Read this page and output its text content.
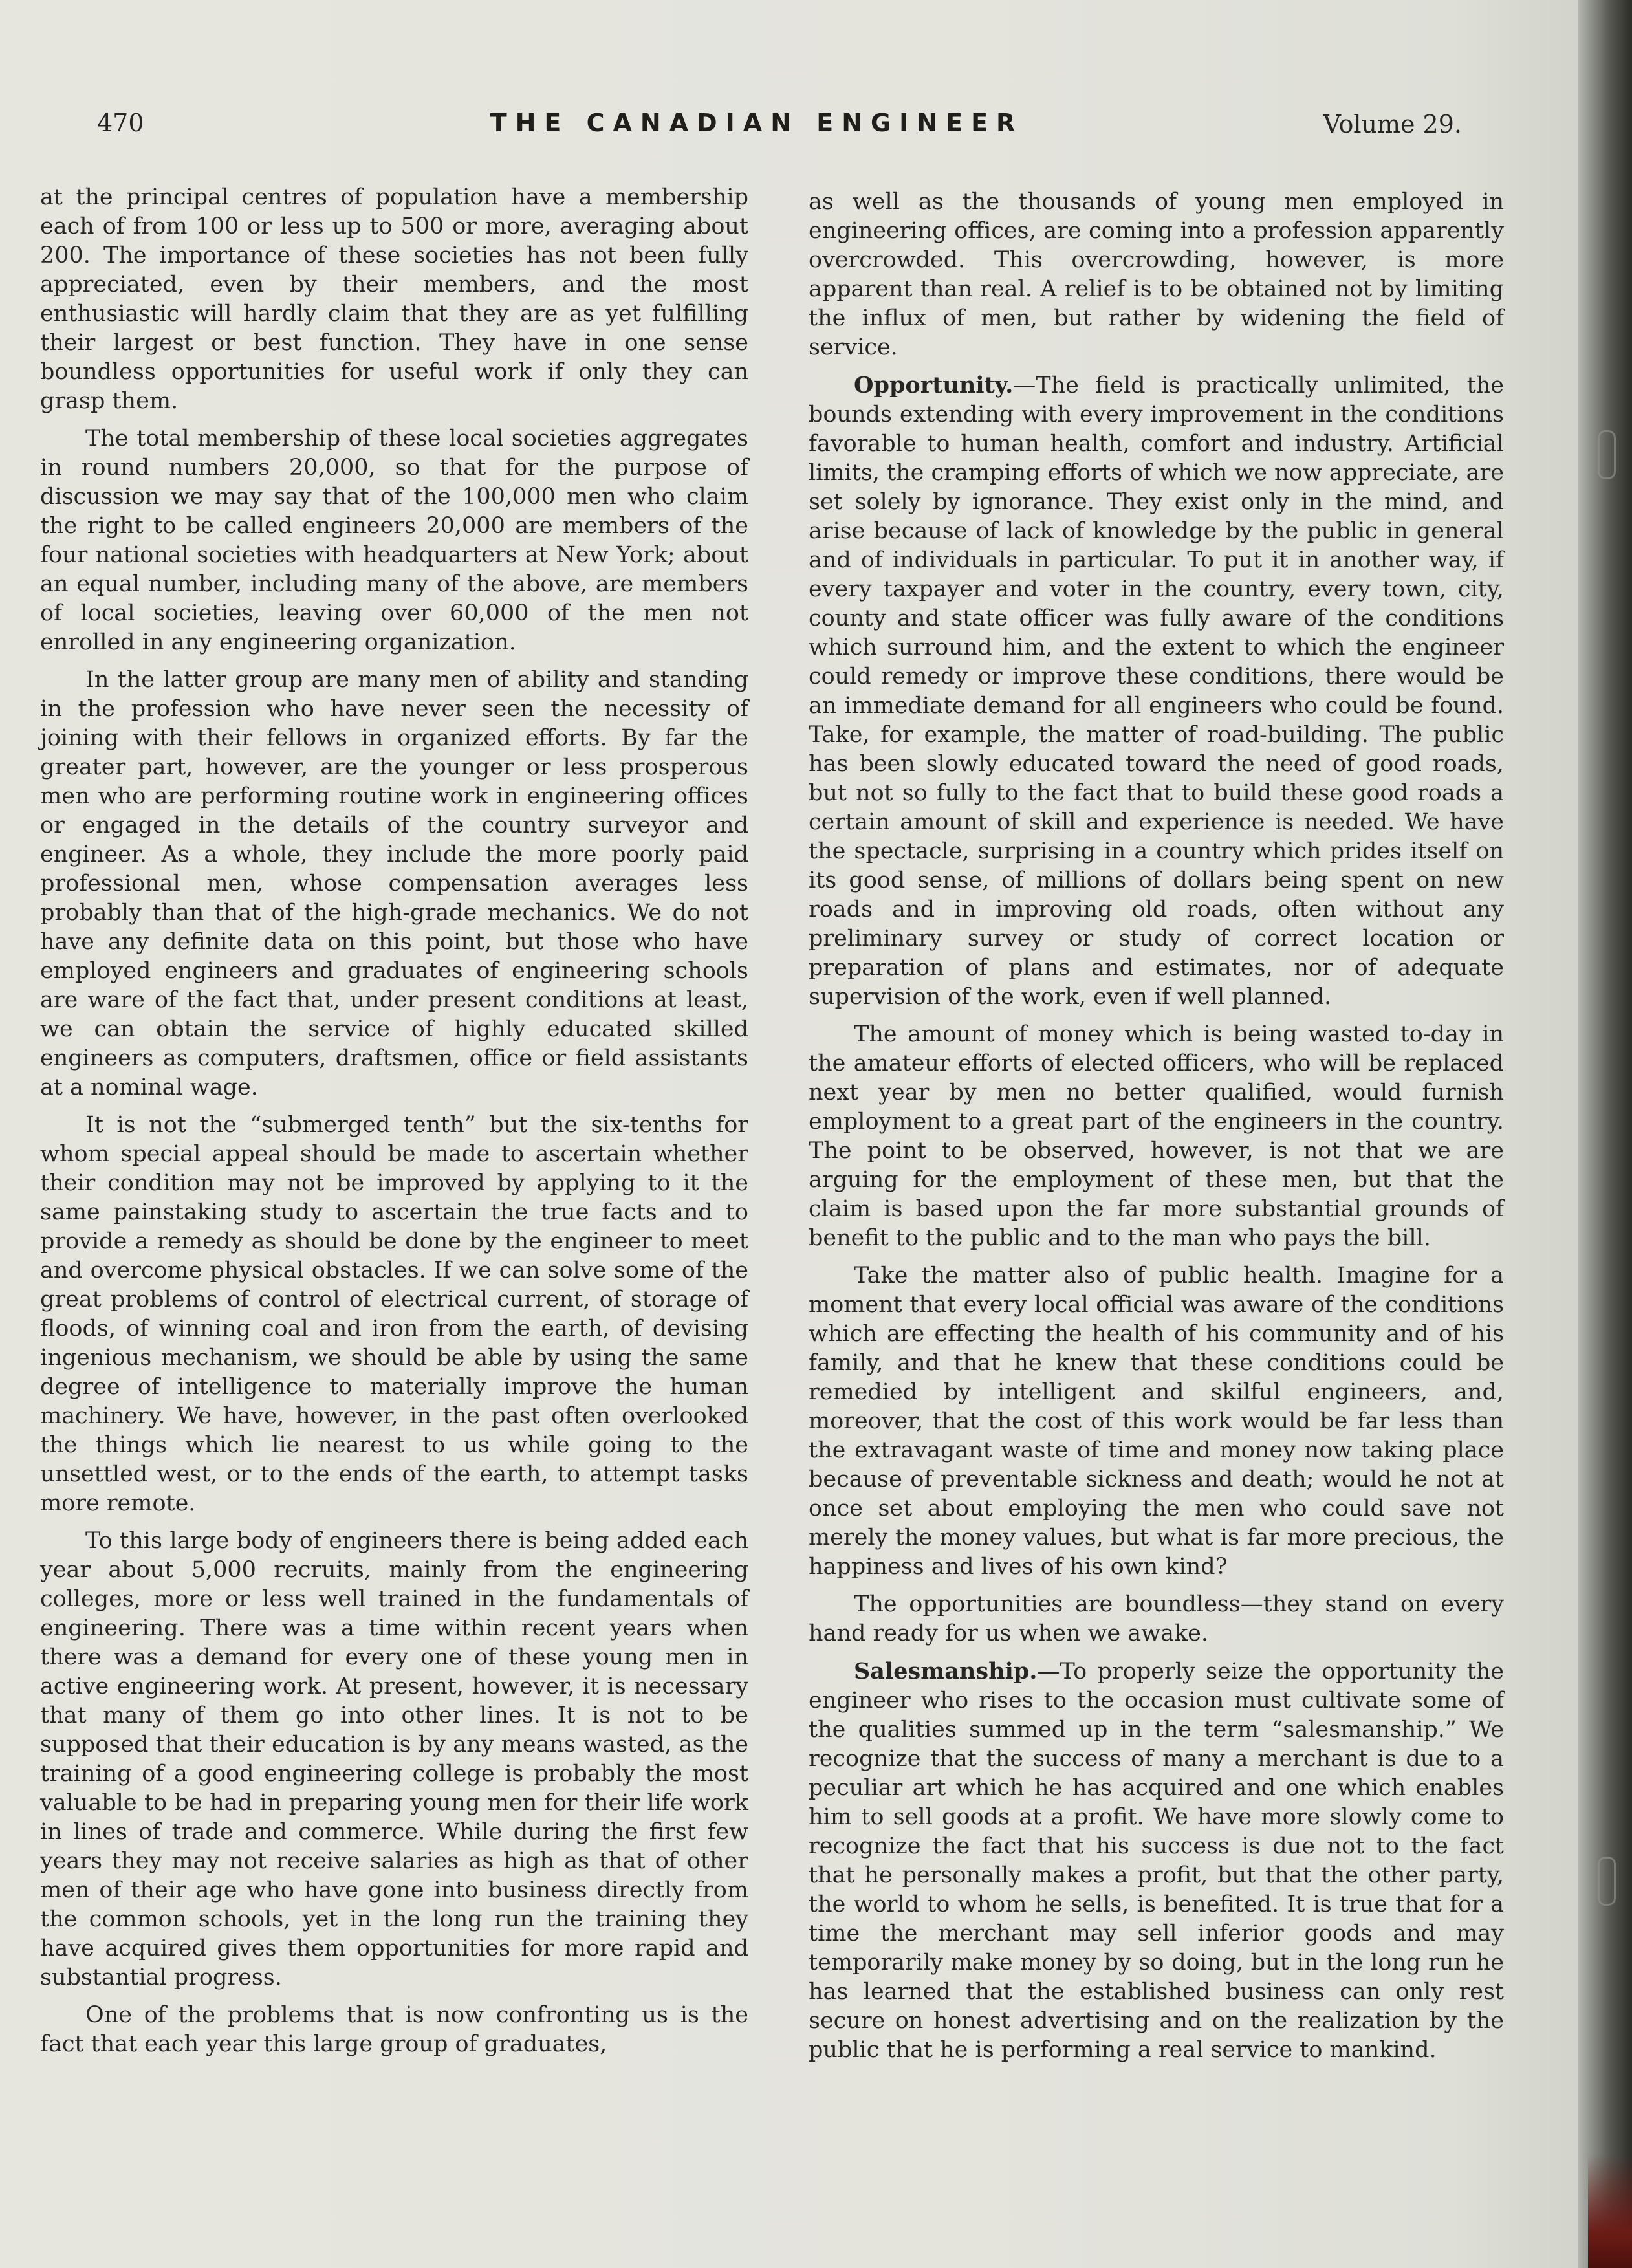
470	THE CANADIAN ENGINEER	Volume 29.

at the principal centres of population have a membership each of from 100 or less up to 500 or more, averaging about 200. The importance of these societies has not been fully appreciated, even by their members, and the most enthusiastic will hardly claim that they are as yet fulfilling their largest or best function. They have in one sense boundless opportunities for useful work if only they can grasp them.

The total membership of these local societies aggregates in round numbers 20,000, so that for the purpose of discussion we may say that of the 100,000 men who claim the right to be called engineers 20,000 are members of the four national societies with headquarters at New York; about an equal number, including many of the above, are members of local societies, leaving over 60,000 of the men not enrolled in any engineering organization.

In the latter group are many men of ability and standing in the profession who have never seen the necessity of joining with their fellows in organized efforts. By far the greater part, however, are the younger or less prosperous men who are performing routine work in engineering offices or engaged in the details of the country surveyor and engineer. As a whole, they include the more poorly paid professional men, whose compensation averages less probably than that of the high-grade mechanics. We do not have any definite data on this point, but those who have employed engineers and graduates of engineering schools are ware of the fact that, under present conditions at least, we can obtain the service of highly educated skilled engineers as computers, draftsmen, office or field assistants at a nominal wage.

It is not the “submerged tenth” but the six-tenths for whom special appeal should be made to ascertain whether their condition may not be improved by applying to it the same painstaking study to ascertain the true facts and to provide a remedy as should be done by the engineer to meet and overcome physical obstacles. If we can solve some of the great problems of control of electrical current, of storage of floods, of winning coal and iron from the earth, of devising ingenious mechanism, we should be able by using the same degree of intelligence to materially improve the human machinery. We have, however, in the past often overlooked the things which lie nearest to us while going to the unsettled west, or to the ends of the earth, to attempt tasks more remote.

To this large body of engineers there is being added each year about 5,000 recruits, mainly from the engineering colleges, more or less well trained in the fundamentals of engineering. There was a time within recent years when there was a demand for every one of these young men in active engineering work. At present, however, it is necessary that many of them go into other lines. It is not to be supposed that their education is by any means wasted, as the training of a good engineering college is probably the most valuable to be had in preparing young men for their life work in lines of trade and commerce. While during the first few years they may not receive salaries as high as that of other men of their age who have gone into business directly from the common schools, yet in the long run the training they have acquired gives them opportunities for more rapid and substantial progress.

One of the problems that is now confronting us is the fact that each year this large group of graduates,

as well as the thousands of young men employed in engineering offices, are coming into a profession apparently overcrowded. This overcrowding, however, is more apparent than real. A relief is to be obtained not by limiting the influx of men, but rather by widening the field of service.

Opportunity.—The field is practically unlimited, the bounds extending with every improvement in the conditions favorable to human health, comfort and industry. Artificial limits, the cramping efforts of which we now appreciate, are set solely by ignorance. They exist only in the mind, and arise because of lack of knowledge by the public in general and of individuals in particular. To put it in another way, if every taxpayer and voter in the country, every town, city, county and state officer was fully aware of the conditions which surround him, and the extent to which the engineer could remedy or improve these conditions, there would be an immediate demand for all engineers who could be found. Take, for example, the matter of road-building. The public has been slowly educated toward the need of good roads, but not so fully to the fact that to build these good roads a certain amount of skill and experience is needed. We have the spectacle, surprising in a country which prides itself on its good sense, of millions of dollars being spent on new roads and in improving old roads, often without any preliminary survey or study of correct location or preparation of plans and estimates, nor of adequate supervision of the work, even if well planned.

The amount of money which is being wasted to-day in the amateur efforts of elected officers, who will be replaced next year by men no better qualified, would furnish employment to a great part of the engineers in the country. The point to be observed, however, is not that we are arguing for the employment of these men, but that the claim is based upon the far more substantial grounds of benefit to the public and to the man who pays the bill.

Take the matter also of public health. Imagine for a moment that every local official was aware of the conditions which are effecting the health of his community and of his family, and that he knew that these conditions could be remedied by intelligent and skilful engineers, and, moreover, that the cost of this work would be far less than the extravagant waste of time and money now taking place because of preventable sickness and death; would he not at once set about employing the men who could save not merely the money values, but what is far more precious, the happiness and lives of his own kind?

The opportunities are boundless—they stand on every hand ready for us when we awake.

Salesmanship.—To properly seize the opportunity the engineer who rises to the occasion must cultivate some of the qualities summed up in the term “salesmanship.” We recognize that the success of many a merchant is due to a peculiar art which he has acquired and one which enables him to sell goods at a profit. We have more slowly come to recognize the fact that his success is due not to the fact that he personally makes a profit, but that the other party, the world to whom he sells, is benefited. It is true that for a time the merchant may sell inferior goods and may temporarily make money by so doing, but in the long run he has learned that the established business can only rest secure on honest advertising and on the realization by the public that he is performing a real service to mankind.
